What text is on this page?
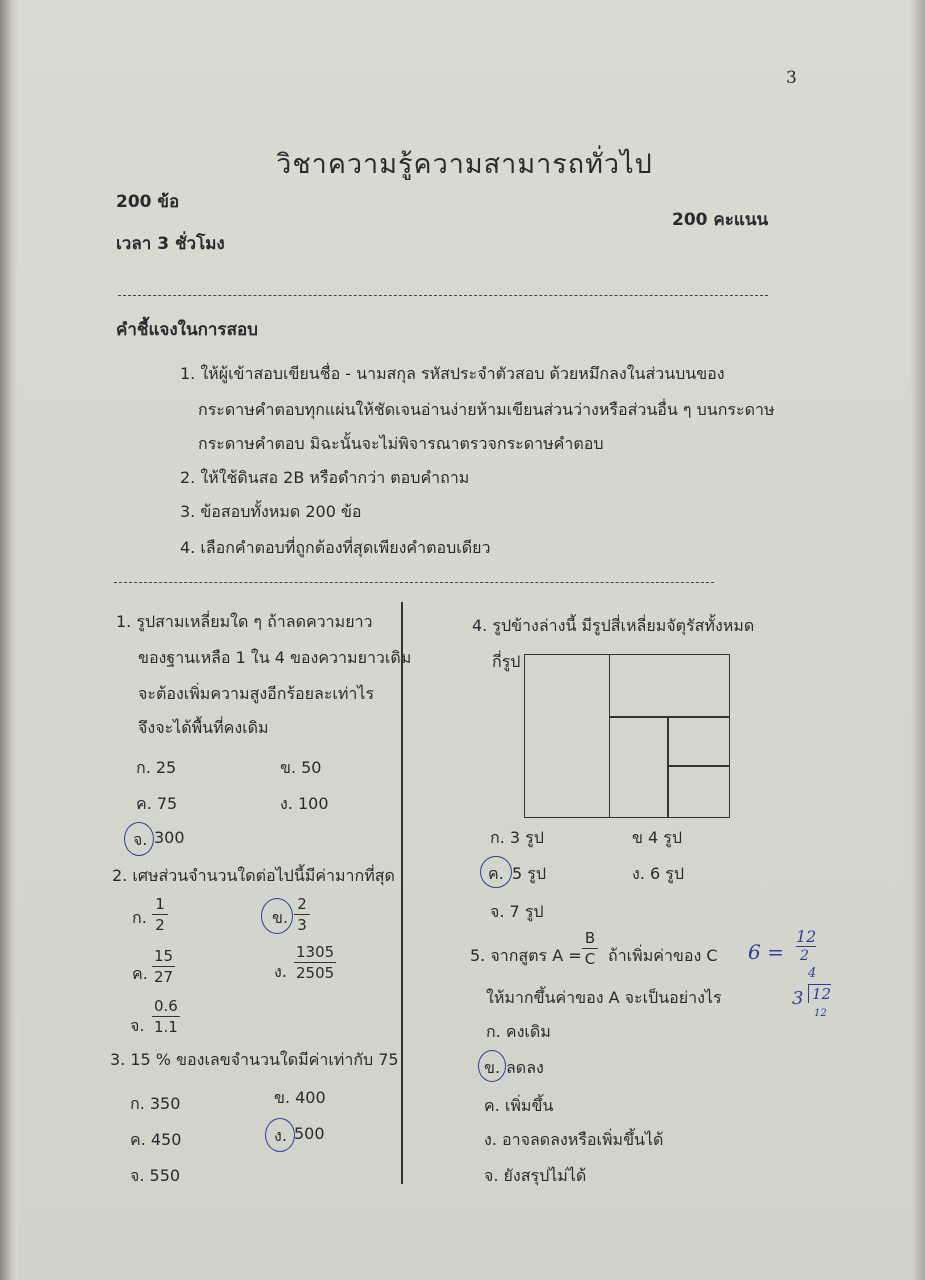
3
วิชาความรู้ความสามารถทั่วไป
200 ข้อ
200 คะแนน
เวลา 3 ชั่วโมง
คำชี้แจงในการสอบ
1. ให้ผู้เข้าสอบเขียนชื่อ - นามสกุล รหัสประจำตัวสอบ ด้วยหมึกลงในส่วนบนของ
กระดาษคำตอบทุกแผ่นให้ชัดเจนอ่านง่ายห้ามเขียนส่วนว่างหรือส่วนอื่น ๆ บนกระดาษ
กระดาษคำตอบ มิฉะนั้นจะไม่พิจารณาตรวจกระดาษคำตอบ
2. ให้ใช้ดินสอ 2B หรือดำกว่า ตอบคำถาม
3. ข้อสอบทั้งหมด 200 ข้อ
4. เลือกคำตอบที่ถูกต้องที่สุดเพียงคำตอบเดียว
1. รูปสามเหลี่ยมใด ๆ ถ้าลดความยาว
ของฐานเหลือ 1 ใน 4 ของความยาวเดิม
จะต้องเพิ่มความสูงอีกร้อยละเท่าไร
จึงจะได้พื้นที่คงเดิม
ก. 25	ข. 50
ค. 75	ง. 100
จ. 300
2. เศษส่วนจำนวนใดต่อไปนี้มีค่ามากที่สุด
ก. $\frac{1}{2}$	ข. $\frac{2}{3}$
ค. $\frac{15}{27}$	ง. $\frac{1305}{2505}$
จ. $\frac{0.6}{1.1}$
3. 15 % ของเลขจำนวนใดมีค่าเท่ากับ 75
ก. 350	ข. 400
ค. 450	ง. 500
จ. 550
4. รูปข้างล่างนี้ มีรูปสี่เหลี่ยมจัตุรัสทั้งหมด
กี่รูป
ก. 3 รูป	ข 4 รูป
ค. 5 รูป	ง. 6 รูป
จ. 7 รูป
5. จากสูตร $A = \frac{B}{C}$ ถ้าเพิ่มค่าของ C
ให้มากขึ้นค่าของ A จะเป็นอย่างไร
ก. คงเดิม
ข. ลดลง
ค. เพิ่มขึ้น
ง. อาจลดลงหรือเพิ่มขึ้นได้
จ. ยังสรุปไม่ได้
6 =
12
2
4
3 12
12
